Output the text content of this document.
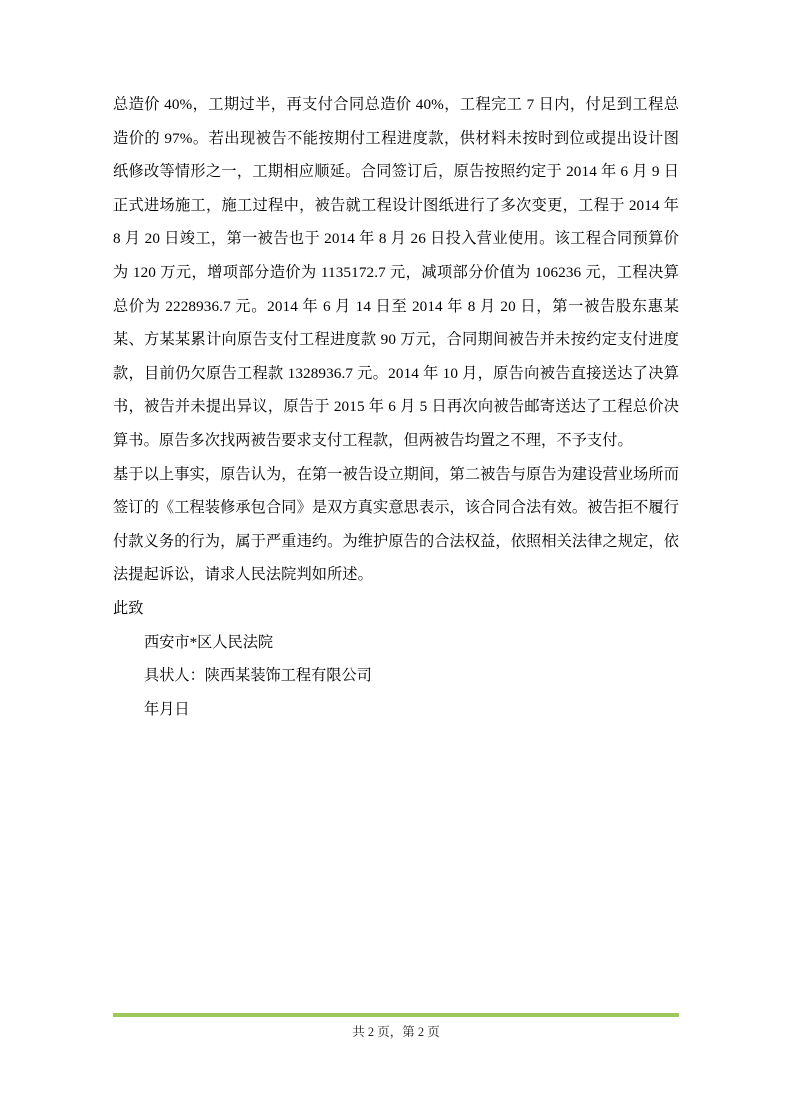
总造价 40%，工期过半，再支付合同总造价 40%，工程完工 7 日内，付足到工程总造价的 97%。若出现被告不能按期付工程进度款，供材料未按时到位或提出设计图纸修改等情形之一，工期相应顺延。合同签订后，原告按照约定于 2014 年 6 月 9 日正式进场施工，施工过程中，被告就工程设计图纸进行了多次变更，工程于 2014 年 8 月 20 日竣工，第一被告也于 2014 年 8 月 26 日投入营业使用。该工程合同预算价为 120 万元，增项部分造价为 1135172.7 元，减项部分价值为 106236 元，工程决算总价为 2228936.7 元。2014 年 6 月 14 日至 2014 年 8 月 20 日，第一被告股东惠某某、方某某累计向原告支付工程进度款 90 万元，合同期间被告并未按约定支付进度款，目前仍欠原告工程款 1328936.7 元。2014 年 10 月，原告向被告直接送达了决算书，被告并未提出异议，原告于 2015 年 6 月 5 日再次向被告邮寄送达了工程总价决算书。原告多次找两被告要求支付工程款，但两被告均置之不理，不予支付。

基于以上事实，原告认为，在第一被告设立期间，第二被告与原告为建设营业场所而签订的《工程装修承包合同》是双方真实意思表示，该合同合法有效。被告拒不履行付款义务的行为，属于严重违约。为维护原告的合法权益，依照相关法律之规定，依法提起诉讼，请求人民法院判如所述。

此致

西安市*区人民法院

具状人：陕西某装饰工程有限公司

年月日

共 2 页，第 2 页
